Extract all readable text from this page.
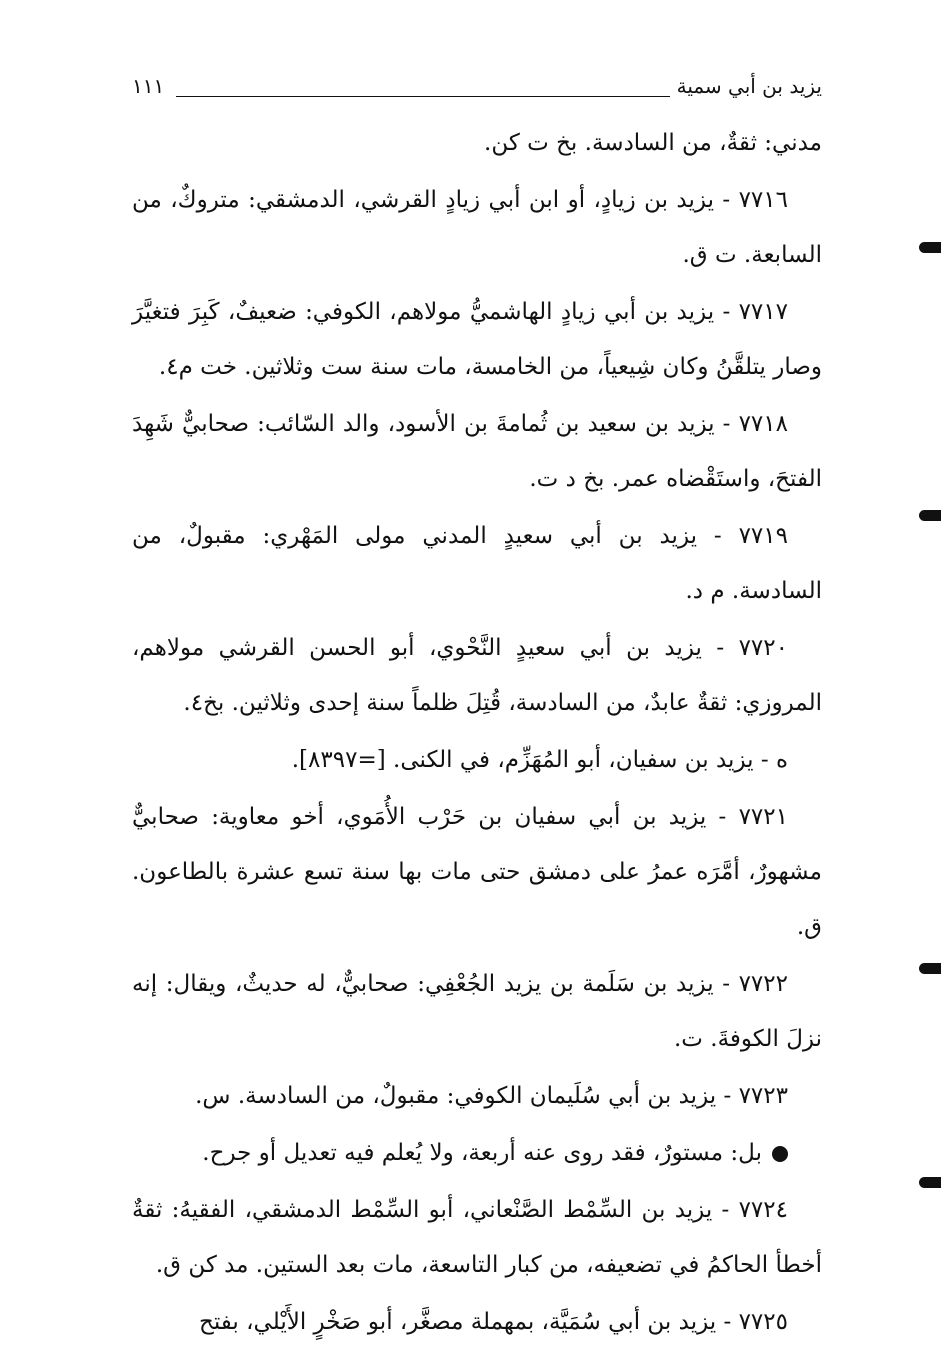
يزيد بن أبي سمية
١١١

مدني: ثقةٌ، من السادسة. بخ ت كن.

٧٧١٦ - يزيد بن زيادٍ، أو ابن أبي زيادٍ القرشي، الدمشقي: متروكٌ، من السابعة. ت ق.

٧٧١٧ - يزيد بن أبي زيادٍ الهاشميُّ مولاهم، الكوفي: ضعيفٌ، كَبِرَ فتغيَّرَ وصار يتلقَّنُ وكان شِيعياً، من الخامسة، مات سنة ست وثلاثين. خت م٤.

٧٧١٨ - يزيد بن سعيد بن ثُمامةَ بن الأسود، والد السّائب: صحابيٌّ شَهِدَ الفتحَ، واستَقْضاه عمر. بخ د ت.

٧٧١٩ - يزيد بن أبي سعيدٍ المدني مولى المَهْري: مقبولٌ، من السادسة. م د.

٧٧٢٠ - يزيد بن أبي سعيدٍ النَّحْوي، أبو الحسن القرشي مولاهم، المروزي: ثقةٌ عابدٌ، من السادسة، قُتِلَ ظلماً سنة إحدى وثلاثين. بخ٤.

ه - يزيد بن سفيان، أبو المُهَزِّم، في الكنى. [=٨٣٩٧].

٧٧٢١ - يزيد بن أبي سفيان بن حَرْب الأُمَوي، أخو معاوية: صحابيٌّ مشهورٌ، أمَّرَه عمرُ على دمشق حتى مات بها سنة تسع عشرة بالطاعون. ق.

٧٧٢٢ - يزيد بن سَلَمة بن يزيد الجُعْفِي: صحابيٌّ، له حديثٌ، ويقال: إنه نزلَ الكوفةَ. ت.

٧٧٢٣ - يزيد بن أبي سُلَيمان الكوفي: مقبولٌ، من السادسة. س.

بل: مستورٌ، فقد روى عنه أربعة، ولا يُعلم فيه تعديل أو جرح.

٧٧٢٤ - يزيد بن السِّمْط الصَّنْعاني، أبو السِّمْط الدمشقي، الفقيهُ: ثقةٌ أخطأ الحاكمُ في تضعيفه، من كبار التاسعة، مات بعد الستين. مد كن ق.

٧٧٢٥ - يزيد بن أبي سُمَيَّة، بمهملة مصغَّر، أبو صَخْرٍ الأَيْلي، بفتح
